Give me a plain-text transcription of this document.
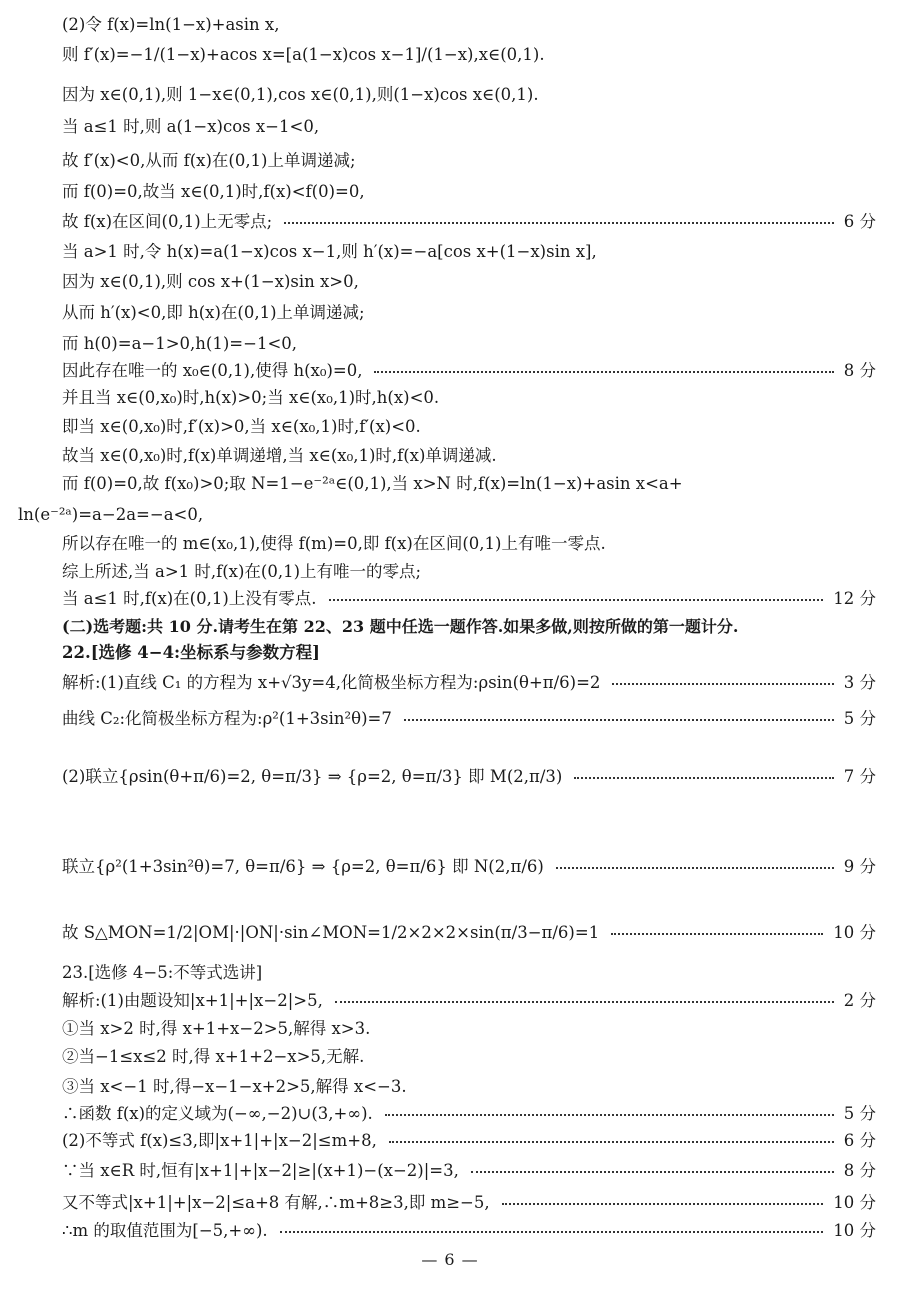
(2)令 f(x)=ln(1−x)+asin x,
则 f′(x)=−1/(1−x)+acos x=[a(1−x)cos x−1]/(1−x),x∈(0,1).
因为 x∈(0,1),则 1−x∈(0,1),cos x∈(0,1),则(1−x)cos x∈(0,1).
当 a≤1 时,则 a(1−x)cos x−1<0,
故 f′(x)<0,从而 f(x)在(0,1)上单调递减;
而 f(0)=0,故当 x∈(0,1)时,f(x)<f(0)=0,
故 f(x)在区间(0,1)上无零点;	6 分
当 a>1 时,令 h(x)=a(1−x)cos x−1,则 h′(x)=−a[cos x+(1−x)sin x],
因为 x∈(0,1),则 cos x+(1−x)sin x>0,
从而 h′(x)<0,即 h(x)在(0,1)上单调递减;
而 h(0)=a−1>0,h(1)=−1<0,
因此存在唯一的 x₀∈(0,1),使得 h(x₀)=0,	8 分
并且当 x∈(0,x₀)时,h(x)>0;当 x∈(x₀,1)时,h(x)<0.
即当 x∈(0,x₀)时,f′(x)>0,当 x∈(x₀,1)时,f′(x)<0.
故当 x∈(0,x₀)时,f(x)单调递增,当 x∈(x₀,1)时,f(x)单调递减.
而 f(0)=0,故 f(x₀)>0;取 N=1−e⁻²ᵃ∈(0,1),当 x>N 时,f(x)=ln(1−x)+asin x<a+
ln(e⁻²ᵃ)=a−2a=−a<0,
所以存在唯一的 m∈(x₀,1),使得 f(m)=0,即 f(x)在区间(0,1)上有唯一零点.
综上所述,当 a>1 时,f(x)在(0,1)上有唯一的零点;
当 a≤1 时,f(x)在(0,1)上没有零点.	12 分
(二)选考题:共 10 分.请考生在第 22、23 题中任选一题作答.如果多做,则按所做的第一题计分.
22.[选修 4−4:坐标系与参数方程]
解析:(1)直线 C₁ 的方程为 x+√3y=4,化简极坐标方程为:ρsin(θ+π/6)=2	3 分
曲线 C₂:化简极坐标方程为:ρ²(1+3sin²θ)=7	5 分
(2)联立{ρsin(θ+π/6)=2, θ=π/3} ⇒ {ρ=2, θ=π/3} 即 M(2,π/3)	7 分
联立{ρ²(1+3sin²θ)=7, θ=π/6} ⇒ {ρ=2, θ=π/6} 即 N(2,π/6)	9 分
故 S△MON=1/2|OM|·|ON|·sin∠MON=1/2×2×2×sin(π/3−π/6)=1	10 分
23.[选修 4−5:不等式选讲]
解析:(1)由题设知|x+1|+|x−2|>5,	2 分
①当 x>2 时,得 x+1+x−2>5,解得 x>3.
②当−1≤x≤2 时,得 x+1+2−x>5,无解.
③当 x<−1 时,得−x−1−x+2>5,解得 x<−3.
∴函数 f(x)的定义域为(−∞,−2)∪(3,+∞).	5 分
(2)不等式 f(x)≤3,即|x+1|+|x−2|≤m+8,	6 分
∵当 x∈R 时,恒有|x+1|+|x−2|≥|(x+1)−(x−2)|=3,	8 分
又不等式|x+1|+|x−2|≤a+8 有解,∴m+8≥3,即 m≥−5,	10 分
∴m 的取值范围为[−5,+∞).	10 分
— 6 —
